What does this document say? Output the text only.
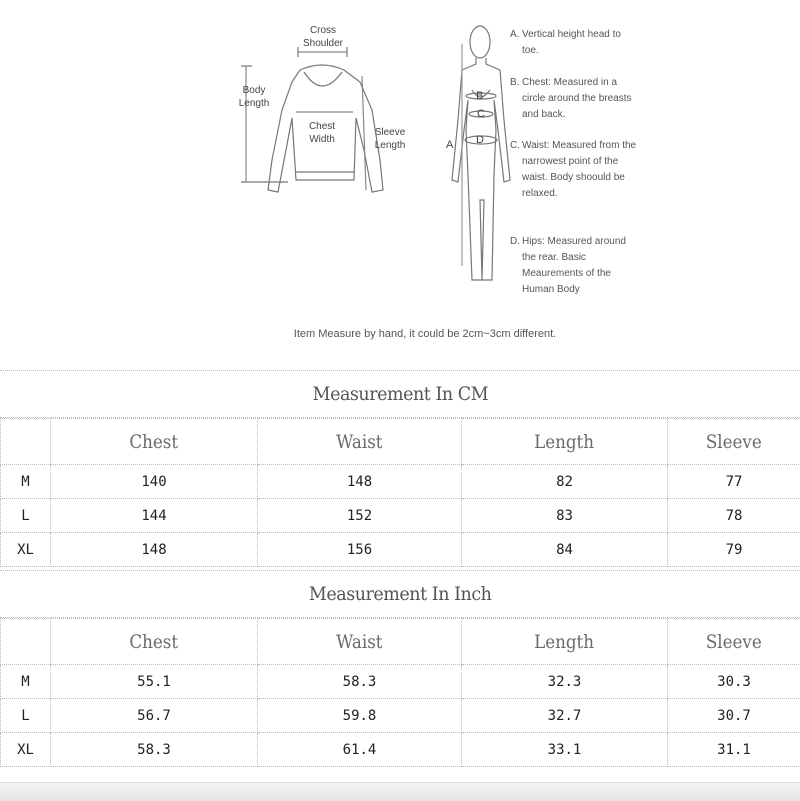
Cross
Shoulder
Body
Length
Chest
Width
Sleeve
Length	A
B
C
D
A. Vertical height head to toe.
B. Chest: Measured in a circle around the breasts and back.
C. Waist: Measured from the narrowest point of the waist. Body shoould be relaxed.
D. Hips: Measured around the rear. Basic Meaurements of the Human Body
Item Measure by hand, it could be 2cm~3cm different.
Measurement In CM
	Chest	Waist	Length	Sleeve
M	140	148	82	77
L	144	152	83	78
XL	148	156	84	79
Measurement In Inch
	Chest	Waist	Length	Sleeve
M	55.1	58.3	32.3	30.3
L	56.7	59.8	32.7	30.7
XL	58.3	61.4	33.1	31.1
